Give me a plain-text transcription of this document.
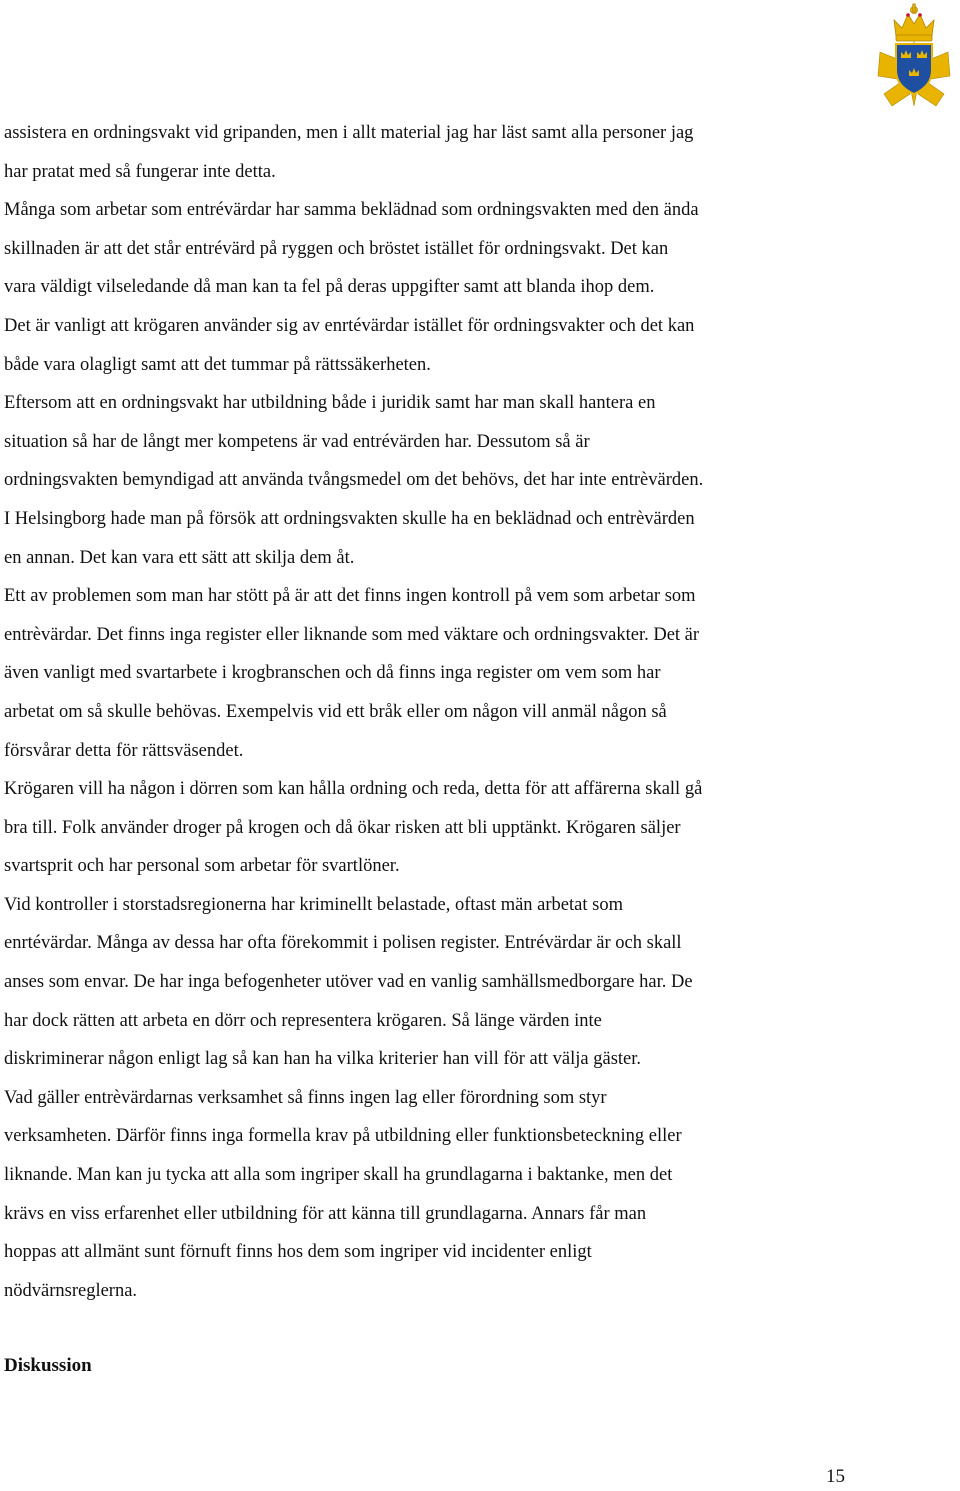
assistera en ordningsvakt vid gripanden, men i allt material jag har läst samt alla personer jag
har pratat med så fungerar inte detta.
Många som arbetar som entrévärdar har samma beklädnad som ordningsvakten med den ända
skillnaden är att det står entrévärd på ryggen och bröstet istället för ordningsvakt. Det kan
vara väldigt vilseledande då man kan ta fel på deras uppgifter samt att blanda ihop dem.
Det är vanligt att krögaren använder sig av enrtévärdar istället för ordningsvakter och det kan
både vara olagligt samt att det tummar på rättssäkerheten.
Eftersom att en ordningsvakt har utbildning både i juridik samt har man skall hantera en
situation så har de långt mer kompetens är vad entrévärden har. Dessutom så är
ordningsvakten bemyndigad att använda tvångsmedel om det behövs, det har inte entrèvärden.
I Helsingborg hade man på försök att ordningsvakten skulle ha en beklädnad och entrèvärden
en annan. Det kan vara ett sätt att skilja dem åt.
Ett av problemen som man har stött på är att det finns ingen kontroll på vem som arbetar som
entrèvärdar. Det finns inga register eller liknande som med väktare och ordningsvakter. Det är
även vanligt med svartarbete i krogbranschen och då finns inga register om vem som har
arbetat om så skulle behövas. Exempelvis vid ett bråk eller om någon vill anmäl någon så
försvårar detta för rättsväsendet.
Krögaren vill ha någon i dörren som kan hålla ordning och reda, detta för att affärerna skall gå
bra till. Folk använder droger på krogen och då ökar risken att bli upptänkt. Krögaren säljer
svartsprit och har personal som arbetar för svartlöner.
Vid kontroller i storstadsregionerna har kriminellt belastade, oftast män arbetat som
enrtévärdar. Många av dessa har ofta förekommit i polisen register. Entrévärdar är och skall
anses som envar. De har inga befogenheter utöver vad en vanlig samhällsmedborgare har. De
har dock rätten att arbeta en dörr och representera krögaren. Så länge värden inte
diskriminerar någon enligt lag så kan han ha vilka kriterier han vill för att välja gäster.
Vad gäller entrèvärdarnas verksamhet så finns ingen lag eller förordning som styr
verksamheten. Därför finns inga formella krav på utbildning eller funktionsbeteckning eller
liknande. Man kan ju tycka att alla som ingriper skall ha grundlagarna i baktanke, men det
krävs en viss erfarenhet eller utbildning för att känna till grundlagarna. Annars får man
hoppas att allmänt sunt förnuft finns hos dem som ingriper vid incidenter enligt
nödvärnsreglerna.
Diskussion
15
